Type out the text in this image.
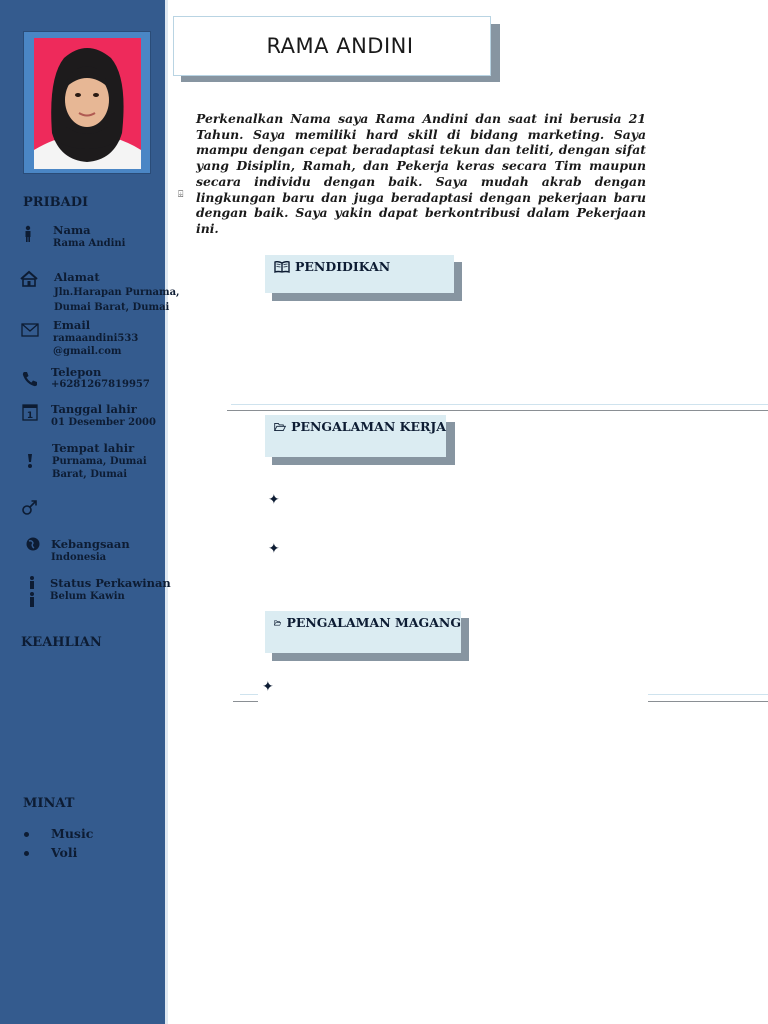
PRIBADI
Nama
Rama Andini
Alamat
Jln.Harapan Purnama,
Dumai Barat, Dumai
Email
ramaandini533
@gmail.com
Telepon
+6281267819957
1 Tanggal lahir
01 Desember 2000
Tempat lahir
Purnama, Dumai
Barat, Dumai
Kebangsaan
Indonesia
Status Perkawinan
Belum Kawin
KEAHLIAN
MINAT
Music
Voli
RAMA ANDINI
⌹
Perkenalkan Nama saya Rama Andini dan saat ini berusia 21 Tahun. Saya memiliki hard skill di bidang marketing. Saya mampu dengan cepat beradaptasi tekun dan teliti, dengan sifat yang Disiplin, Ramah, dan Pekerja keras secara Tim maupun secara individu dengan baik. Saya mudah akrab dengan lingkungan baru dan juga beradaptasi dengan pekerjaan baru dengan baik. Saya yakin dapat berkontribusi dalam Pekerjaan ini.
PENDIDIKAN
PENGALAMAN KERJA
✦
✦
PENGALAMAN MAGANG
✦
